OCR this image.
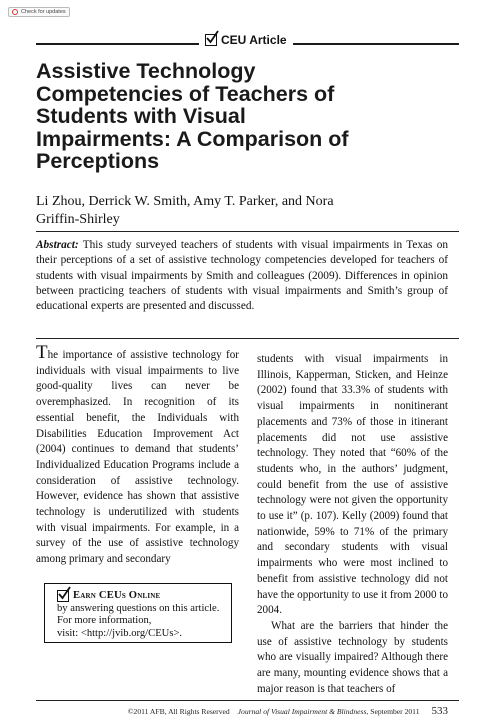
Check for updates
CEU Article
Assistive Technology Competencies of Teachers of Students with Visual Impairments: A Comparison of Perceptions
Li Zhou, Derrick W. Smith, Amy T. Parker, and Nora Griffin-Shirley
Abstract: This study surveyed teachers of students with visual impairments in Texas on their perceptions of a set of assistive technology competencies developed for teachers of students with visual impairments by Smith and colleagues (2009). Differences in opinion between practicing teachers of students with visual impairments and Smith’s group of educational experts are presented and discussed.

The importance of assistive technology for individuals with visual impairments to live good-quality lives can never be overemphasized. In recognition of its essential benefit, the Individuals with Disabilities Education Improvement Act (2004) continues to demand that students’ Individualized Education Programs include a consideration of assistive technology. However, evidence has shown that assistive technology is underutilized with students with visual impairments. For example, in a survey of the use of assistive technology among primary and secondary

students with visual impairments in Illinois, Kapperman, Sticken, and Heinze (2002) found that 33.3% of students with visual impairments in nonitinerant placements and 73% of those in itinerant placements did not use assistive technology. They noted that “60% of the students who, in the authors’ judgment, could benefit from the use of assistive technology were not given the opportunity to use it” (p. 107). Kelly (2009) found that nationwide, 59% to 71% of the primary and secondary students with visual impairments who were most inclined to benefit from assistive technology did not have the opportunity to use it from 2000 to 2004.

What are the barriers that hinder the use of assistive technology by students who are visually impaired? Although there are many, mounting evidence shows that a major reason is that teachers of

Earn CEUs Online
by answering questions on this article.
For more information,
visit: <http://jvib.org/CEUs>.
©2011 AFB, All Rights Reserved Journal of Visual Impairment & Blindness, September 2011 533
